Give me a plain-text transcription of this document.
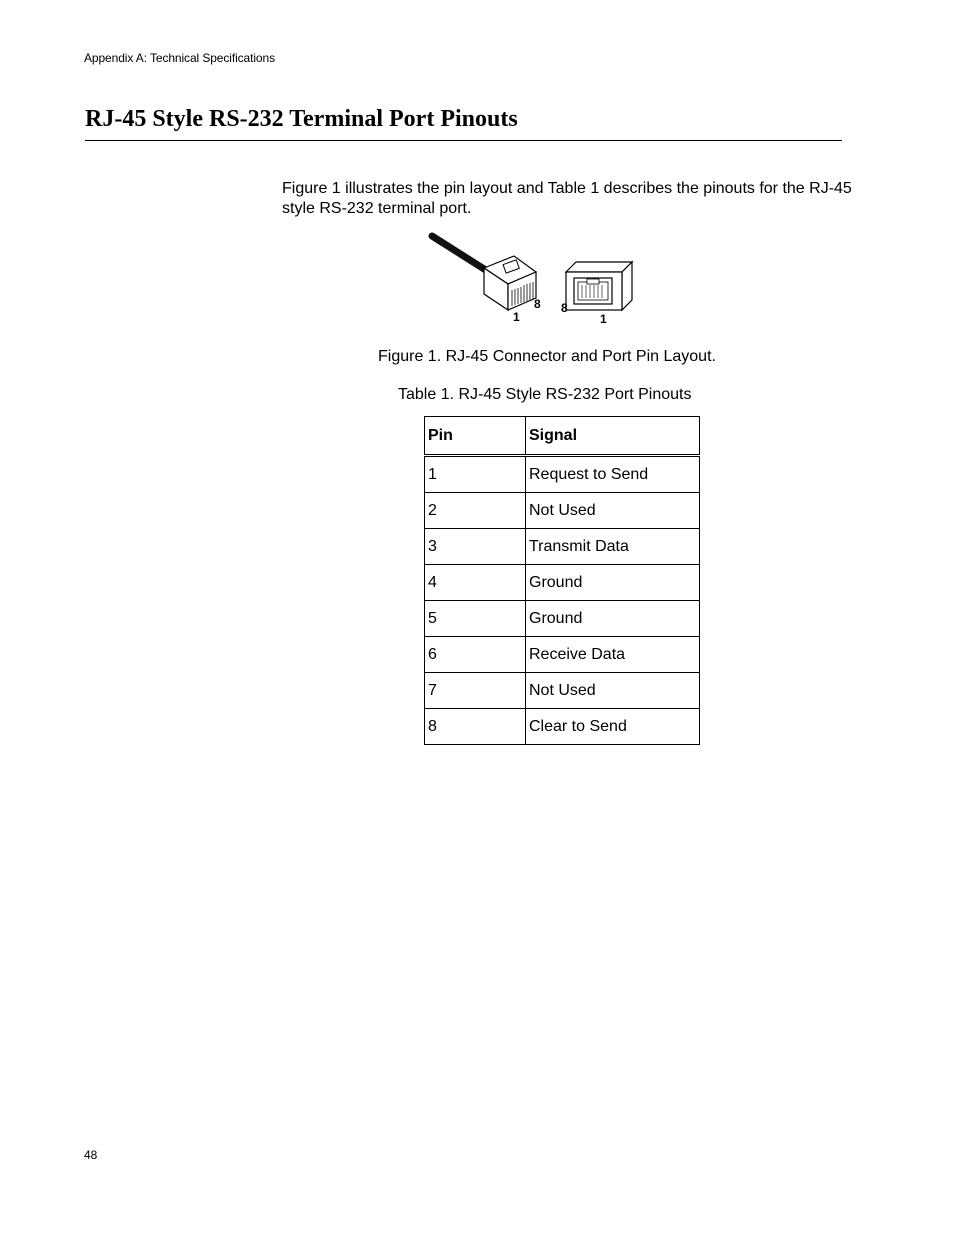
Appendix A: Technical Specifications
RJ-45 Style RS-232 Terminal Port Pinouts

Figure 1 illustrates the pin layout and Table 1 describes the pinouts for the RJ-45 style RS-232 terminal port.

1
8 8
1
Figure 1. RJ-45 Connector and Port Pin Layout.
Table 1. RJ-45 Style RS-232 Port Pinouts
Pin	Signal
1	Request to Send
2	Not Used
3	Transmit Data
4	Ground
5	Ground
6	Receive Data
7	Not Used
8	Clear to Send
48
